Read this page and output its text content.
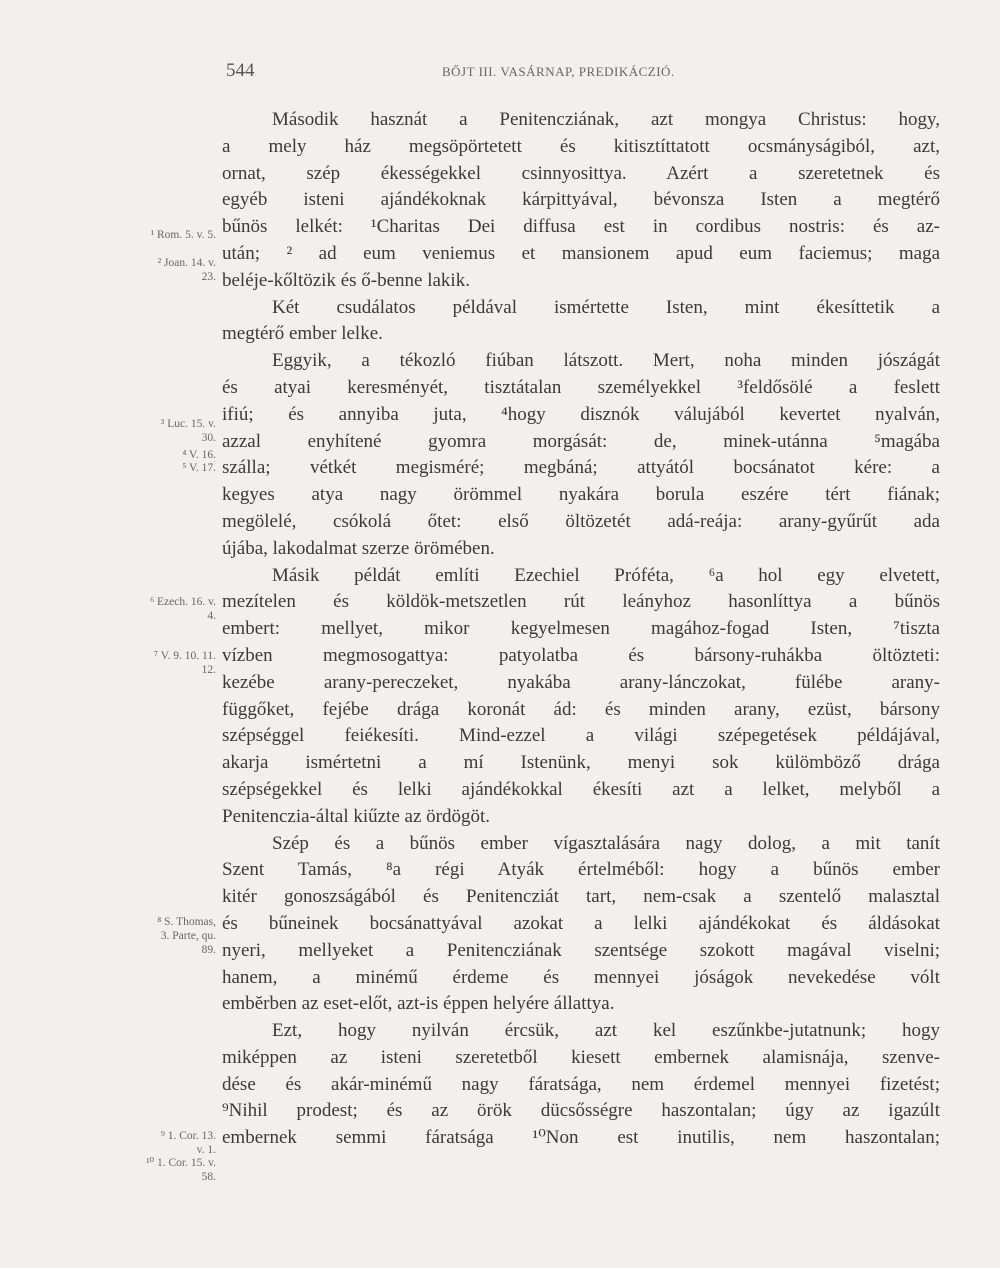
544	BŐJT III. VASÁRNAP, PREDIKÁCZIÓ.
¹ Rom. 5. v. 5.
² Joan. 14. v.
23.
³ Luc. 15. v.
30.
⁴ V. 16.
⁵ V. 17.
⁶ Ezech. 16. v.
4.
⁷ V. 9. 10. 11.
12.
⁸ S. Thomas,
3. Parte, qu.
89.
⁹ 1. Cor. 13.
v. 1.
¹⁰ 1. Cor. 15. v.
58.
Második hasznát a Penitencziának, azt mongya Christus: hogy,
a mely ház megsöpörtetett és kitisztíttatott ocsmányságiból, azt,
ornat, szép ékességekkel csinnyosittya. Azért a szeretetnek és
egyéb isteni ajándékoknak kárpittyával, bévonsza Isten a megtérő
bűnös lelkét: ¹Charitas Dei diffusa est in cordibus nostris: és az-
után; ² ad eum veniemus et mansionem apud eum faciemus; maga
beléje-kőltözik és ő-benne lakik.
Két csudálatos példával ismértette Isten, mint ékesíttetik a
megtérő ember lelke.
Eggyik, a tékozló fiúban látszott. Mert, noha minden jószágát
és atyai keresményét, tisztátalan személyekkel ³feldősölé a feslett
ifiú; és annyiba juta, ⁴hogy disznók válujából kevertet nyalván,
azzal enyhítené gyomra morgását: de, minek-utánna ⁵magába
szálla; vétkét megisméré; megbáná; attyától bocsánatot kére: a
kegyes atya nagy örömmel nyakára borula eszére tért fiának;
megölelé, csókolá őtet: első öltözetét adá-reája: arany-gyűrűt ada
újába, lakodalmat szerze örömében.
Másik példát említi Ezechiel Próféta, ⁶a hol egy elvetett,
mezítelen és köldök-metszetlen rút leányhoz hasonlíttya a bűnös
embert: mellyet, mikor kegyelmesen magához-fogad Isten, ⁷tiszta
vízben megmosogattya: patyolatba és bársony-ruhákba öltözteti:
kezébe arany-pereczeket, nyakába arany-lánczokat, fülébe arany-
függőket, fejébe drága koronát ád: és minden arany, ezüst, bársony
szépséggel feiékesíti. Mind-ezzel a világi szépegetések példájával,
akarja ismértetni a mí Istenünk, menyi sok külömböző drága
szépségekkel és lelki ajándékokkal ékesíti azt a lelket, melyből a
Penitenczia-által kiűzte az ördögöt.
Szép és a bűnös ember vígasztalására nagy dolog, a mit tanít
Szent Tamás, ⁸a régi Atyák értelméből: hogy a bűnös ember
kitér gonoszságából és Penitencziát tart, nem-csak a szentelő malasztal
és bűneinek bocsánattyával azokat a lelki ajándékokat és áldásokat
nyeri, mellyeket a Penitencziának szentsége szokott magával viselni;
hanem, a minémű érdeme és mennyei jóságok nevekedése vólt
embĕrben az eset-előt, azt-is éppen helyére állattya.
Ezt, hogy nyilván ércsük, azt kel eszűnkbe-jutatnunk; hogy
miképpen az isteni szeretetből kiesett embernek alamisnája, szenve-
dése és akár-minémű nagy fáratsága, nem érdemel mennyei fizetést;
⁹Nihil prodest; és az örök dücsősségre haszontalan; úgy az igazúlt
embernek semmi fáratsága ¹⁰Non est inutilis, nem haszontalan;
